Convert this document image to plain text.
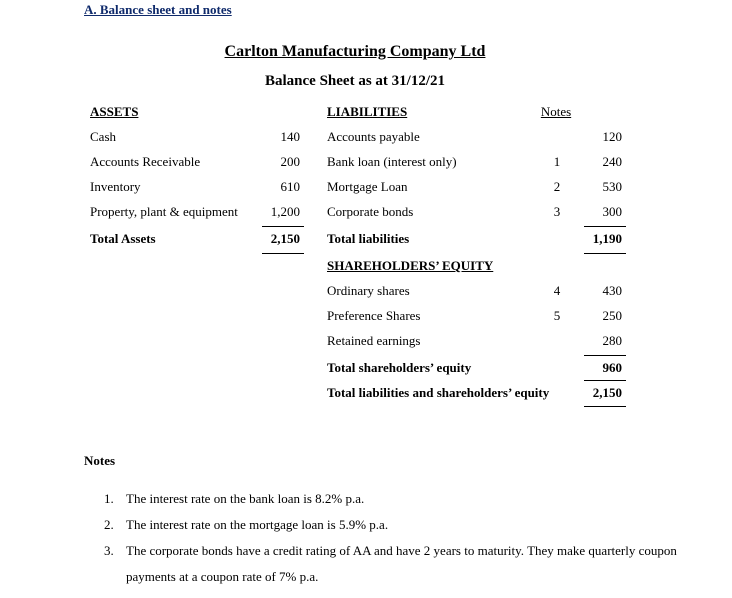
A. Balance sheet and notes
Carlton Manufacturing Company Ltd
Balance Sheet as at 31/12/21
ASSETS
Cash	140
Accounts Receivable	200
Inventory	610
Property, plant & equipment	1,200
Total Assets	2,150
LIABILITIES	Notes
Accounts payable	120
Bank loan (interest only)	1	240
Mortgage Loan	2	530
Corporate bonds	3	300
Total liabilities	1,190
SHAREHOLDERS’ EQUITY
Ordinary shares	4	430
Preference Shares	5	250
Retained earnings	280
Total shareholders’ equity	960
Total liabilities and shareholders’ equity	2,150
Notes
1. The interest rate on the bank loan is 8.2% p.a.
2. The interest rate on the mortgage loan is 5.9% p.a.
3. The corporate bonds have a credit rating of AA and have 2 years to maturity. They make quarterly coupon payments at a coupon rate of 7% p.a.
